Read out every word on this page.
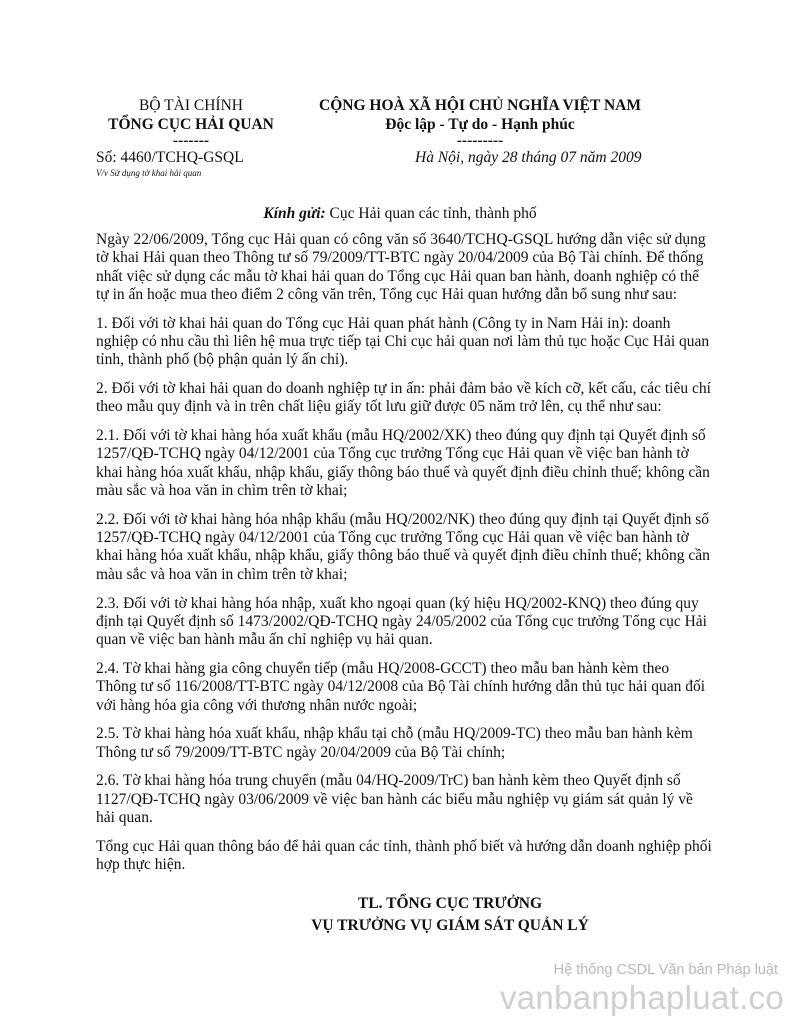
BỘ TÀI CHÍNH
TỔNG CỤC HẢI QUAN
-------
CỘNG HOÀ XÃ HỘI CHỦ NGHĨA VIỆT NAM
Độc lập - Tự do - Hạnh phúc
---------
Số: 4460/TCHQ-GSQL
V/v Sử dụng tờ khai hải quan
Hà Nội, ngày 28 tháng 07 năm 2009
Kính gửi: Cục Hải quan các tỉnh, thành phố

Ngày 22/06/2009, Tổng cục Hải quan có công văn số 3640/TCHQ-GSQL hướng dẫn việc sử dụng tờ khai Hải quan theo Thông tư số 79/2009/TT-BTC ngày 20/04/2009 của Bộ Tài chính. Để thống nhất việc sử dụng các mẫu tờ khai hải quan do Tổng cục Hải quan ban hành, doanh nghiệp có thể tự in ấn hoặc mua theo điểm 2 công văn trên, Tổng cục Hải quan hướng dẫn bổ sung như sau:

1. Đối với tờ khai hải quan do Tổng cục Hải quan phát hành (Công ty in Nam Hải in): doanh nghiệp có nhu cầu thì liên hệ mua trực tiếp tại Chi cục hải quan nơi làm thủ tục hoặc Cục Hải quan tỉnh, thành phố (bộ phận quản lý ấn chỉ).

2. Đối với tờ khai hải quan do doanh nghiệp tự in ấn: phải đảm bảo về kích cỡ, kết cấu, các tiêu chí theo mẫu quy định và in trên chất liệu giấy tốt lưu giữ được 05 năm trở lên, cụ thể như sau:

2.1. Đối với tờ khai hàng hóa xuất khẩu (mẫu HQ/2002/XK) theo đúng quy định tại Quyết định số 1257/QĐ-TCHQ ngày 04/12/2001 của Tổng cục trưởng Tổng cục Hải quan về việc ban hành tờ khai hàng hóa xuất khẩu, nhập khẩu, giấy thông báo thuế và quyết định điều chỉnh thuế; không cần màu sắc và hoa văn in chìm trên tờ khai;

2.2. Đối với tờ khai hàng hóa nhập khẩu (mẫu HQ/2002/NK) theo đúng quy định tại Quyết định số 1257/QĐ-TCHQ ngày 04/12/2001 của Tổng cục trưởng Tổng cục Hải quan về việc ban hành tờ khai hàng hóa xuất khẩu, nhập khẩu, giấy thông báo thuế và quyết định điều chỉnh thuế; không cần màu sắc và hoa văn in chìm trên tờ khai;

2.3. Đối với tờ khai hàng hóa nhập, xuất kho ngoại quan (ký hiệu HQ/2002-KNQ) theo đúng quy định tại Quyết định số 1473/2002/QĐ-TCHQ ngày 24/05/2002 của Tổng cục trưởng Tổng cục Hải quan về việc ban hành mẫu ấn chỉ nghiệp vụ hải quan.

2.4. Tờ khai hàng gia công chuyển tiếp (mẫu HQ/2008-GCCT) theo mẫu ban hành kèm theo Thông tư số 116/2008/TT-BTC ngày 04/12/2008 của Bộ Tài chính hướng dẫn thủ tục hải quan đối với hàng hóa gia công với thương nhân nước ngoài;

2.5. Tờ khai hàng hóa xuất khẩu, nhập khẩu tại chỗ (mẫu HQ/2009-TC) theo mẫu ban hành kèm Thông tư số 79/2009/TT-BTC ngày 20/04/2009 của Bộ Tài chính;

2.6. Tờ khai hàng hóa trung chuyển (mẫu 04/HQ-2009/TrC) ban hành kèm theo Quyết định số 1127/QĐ-TCHQ ngày 03/06/2009 về việc ban hành các biểu mẫu nghiệp vụ giám sát quản lý về hải quan.

Tổng cục Hải quan thông báo để hải quan các tỉnh, thành phố biết và hướng dẫn doanh nghiệp phối hợp thực hiện.

TL. TỔNG CỤC TRƯỞNG
VỤ TRƯỞNG VỤ GIÁM SÁT QUẢN LÝ
Hệ thống CSDL Văn bản Pháp luật
vanbanphapluat.co
